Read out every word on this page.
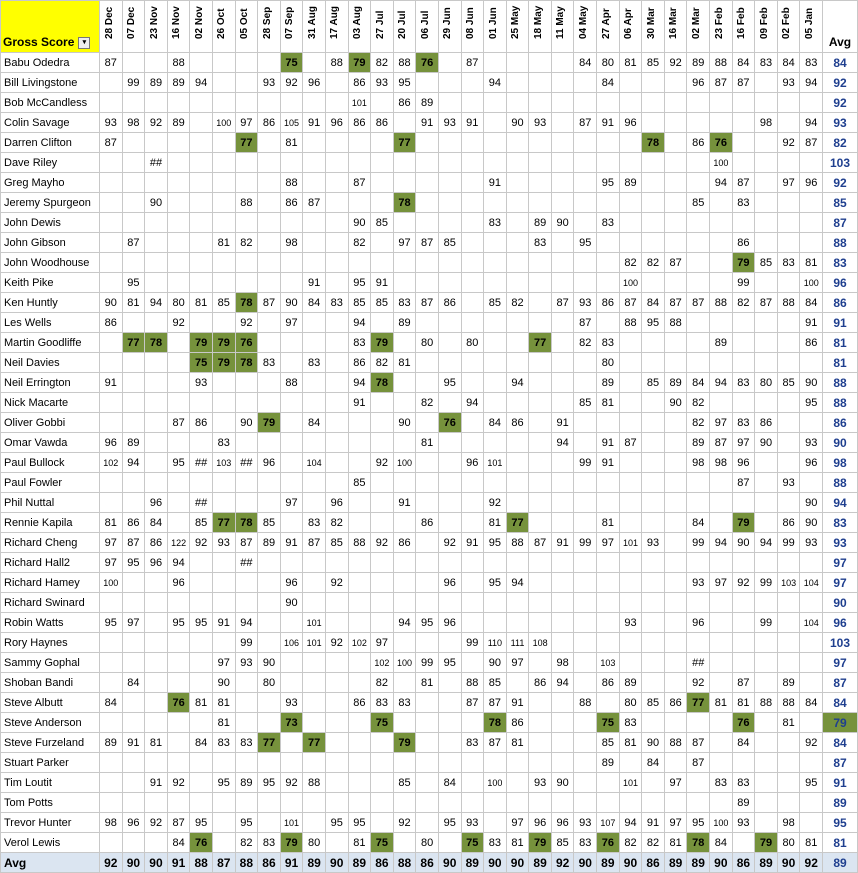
Gross Score ▾	28 Dec	07 Dec	23 Nov	16 Nov	02 Nov	26 Oct	05 Oct	28 Sep	07 Sep	31 Aug	17 Aug	03 Aug	27 Jul	20 Jul	06 Jul	29 Jun	08 Jun	01 Jun	25 May	18 May	11 May	04 May	27 Apr	06 Apr	30 Mar	16 Mar	02 Mar	23 Feb	16 Feb	09 Feb	02 Feb	05 Jan	Avg
Babu Odedra	87			88					75		88	79	82	88	76		87					84	80	81	85	92	89	88	84	83	84	83	84
Bill Livingstone		99	89	89	94			93	92	96		86	93	95				94					84				96	87	87		93	94	92
Bob McCandless												101		86	89																		92
Colin Savage	93	98	92	89		100	97	86	105	91	96	86	86		91	93	91		90	93		87	91	96						98		94	93
Darren Clifton	87						77		81					77											78		86	76			92	87	82
Dave Riley			##																									100					103
Greg Mayho									88			87						91					95	89				94	87		97	96	92
Jeremy Spurgeon			90				88		86	87				78													85		83				85
John Dewis												90	85					83		89	90		83										87
John Gibson		87				81	82		98			82		97	87	85				83		95							86				88
John Woodhouse																								82	82	87			79	85	83	81	83
Keith Pike		95								91		95	91											100					99			100	96
Ken Huntly	90	81	94	80	81	85	78	87	90	84	83	85	85	83	87	86		85	82		87	93	86	87	84	87	87	88	82	87	88	84	86
Les Wells	86			92			92		97			94		89								87		88	95	88						91	91
Martin Goodliffe		77	78		79	79	76					83	79		80		80			77		82	83					89				86	81
Neil Davies					75	79	78	83		83		86	82	81									80										81
Neil Errington	91				93				88			94	78			95			94				89		85	89	84	94	83	80	85	90	88
Nick Macarte												91			82		94					85	81			90	82					95	88
Oliver Gobbi				87	86		90	79		84				90		76		84	86		91						82	97	83	86			86
Omar Vawda	96	89				83									81						94		91	87			89	87	97	90		93	90
Paul Bullock	102	94		95	##	103	##	96		104			92	100			96	101				99	91				98	98	96			96	98
Paul Fowler												85																	87		93		88
Phil Nuttal			96		##				97		96			91				92														90	94
Rennie Kapila	81	86	84		85	77	78	85		83	82				86			81	77				81				84		79		86	90	83
Richard Cheng	97	87	86	122	92	93	87	89	91	87	85	88	92	86		92	91	95	88	87	91	99	97	101	93		99	94	90	94	99	93	93
Richard Hall2	97	95	96	94			##																										97
Richard Hamey	100			96					96		92					96		95	94								93	97	92	99	103	104	97
Richard Swinard									90																								90
Robin Watts	95	97		95	95	91	94			101				94	95	96								93			96			99		104	96
Rory Haynes							99		106	101	92	102	97				99	110	111	108													103
Sammy Gophal						97	93	90					102	100	99	95		90	97		98		103				##						97
Shoban Bandi		84				90		80					82		81		88	85		86	94		86	89			92		87		89		87
Steve Albutt	84			76	81	81			93			86	83	83			87	87	91			88		80	85	86	77	81	81	88	88	84	84
Steve Anderson						81			73				75					78	86				75	83					76		81		79
Steve Furzeland	89	91	81		84	83	83	77		77				79			83	87	81				85	81	90	88	87		84			92	84
Stuart Parker																							89		84		87						87
Tim Loutit			91	92		95	89	95	92	88				85		84		100		93	90			101		97		83	83			95	91
Tom Potts																													89				89
Trevor Hunter	98	96	92	87	95		95		101		95	95		92		95	93		97	96	96	93	107	94	91	97	95	100	93		98		95
Verol Lewis				84	76		82	83	79	80		81	75		80		75	83	81	79	85	83	76	82	82	81	78	84		79	80	81	81
Avg	92	90	90	91	88	87	88	86	91	89	90	89	86	88	86	90	89	90	90	89	92	90	89	90	86	89	89	90	86	89	90	92	89
